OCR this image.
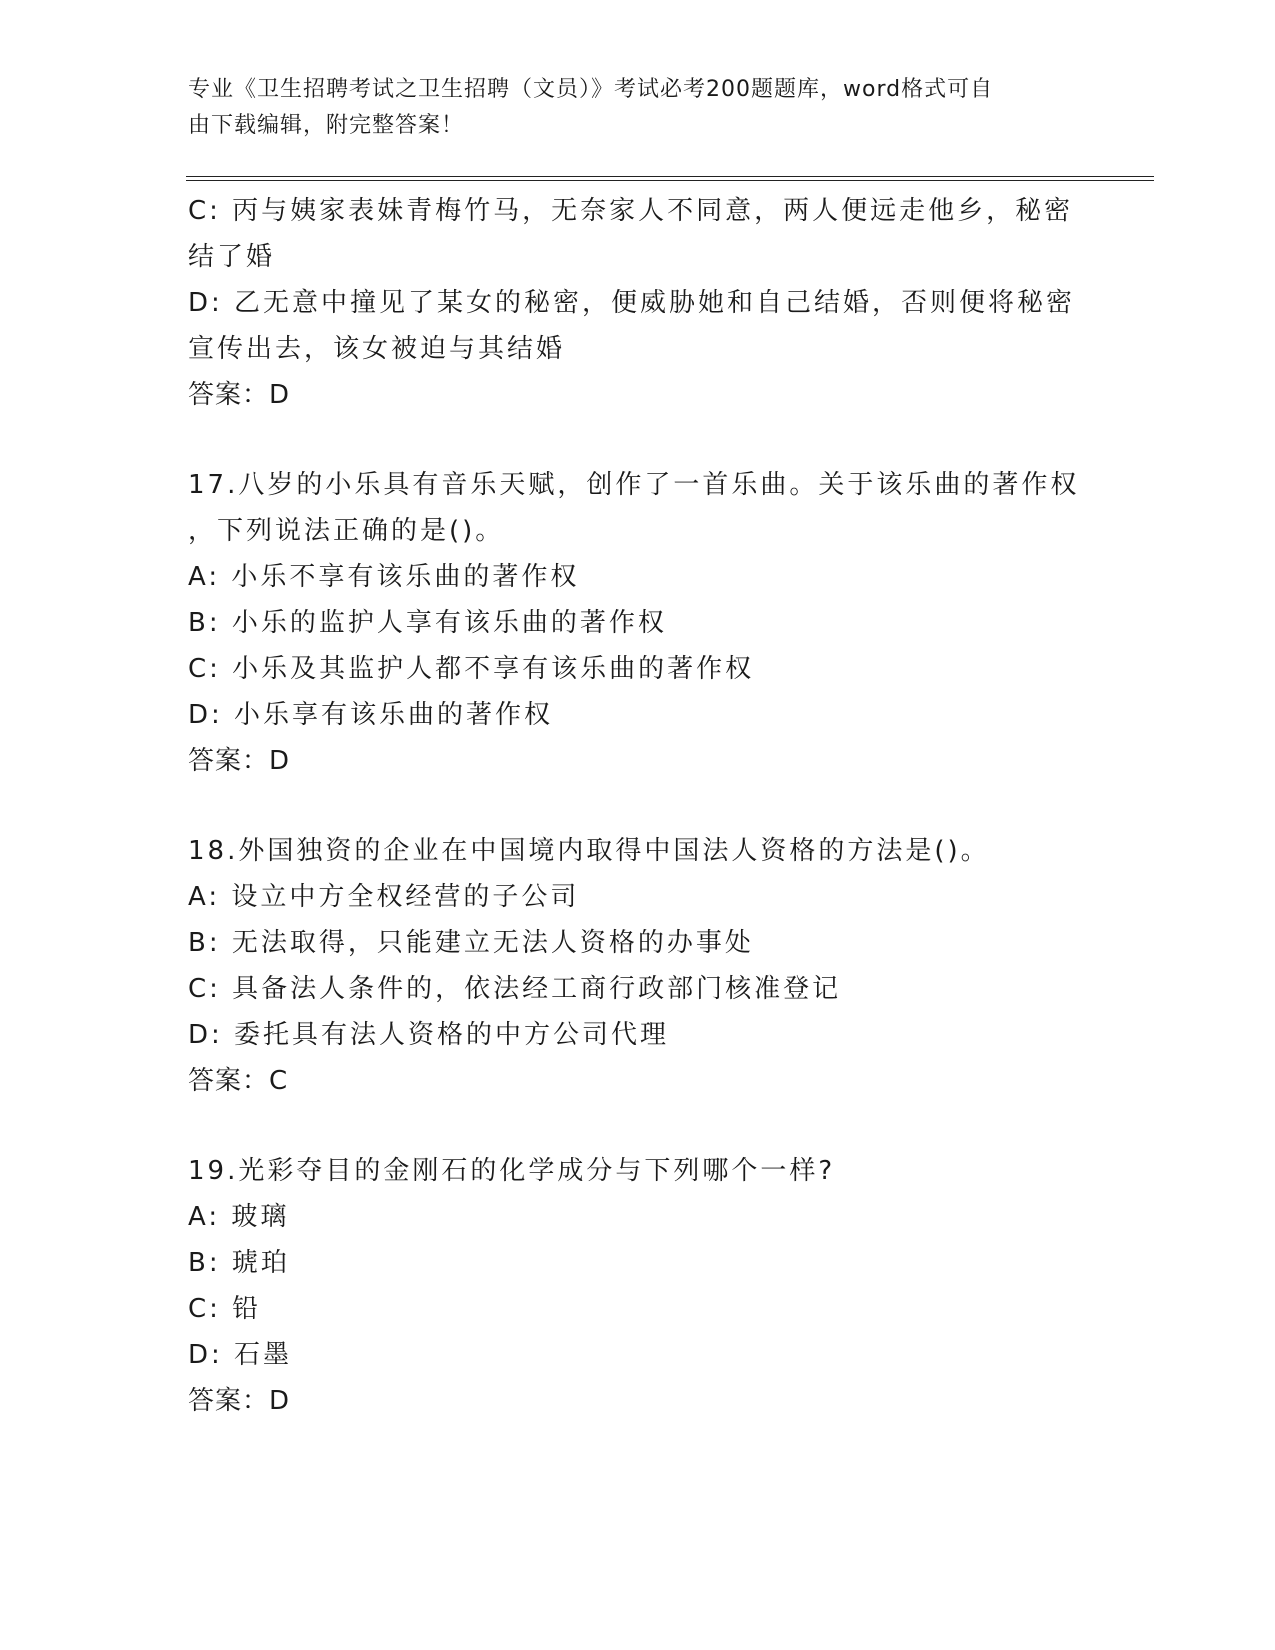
专业《卫生招聘考试之卫生招聘（文员）》考试必考200题题库，word格式可自
由下载编辑，附完整答案！
C: 丙与姨家表妹青梅竹马，无奈家人不同意，两人便远走他乡，秘密
结了婚
D: 乙无意中撞见了某女的秘密，便威胁她和自己结婚，否则便将秘密
宣传出去，该女被迫与其结婚
答案：D
17.八岁的小乐具有音乐天赋，创作了一首乐曲。关于该乐曲的著作权
，下列说法正确的是()。
A: 小乐不享有该乐曲的著作权
B: 小乐的监护人享有该乐曲的著作权
C: 小乐及其监护人都不享有该乐曲的著作权
D: 小乐享有该乐曲的著作权
答案：D
18.外国独资的企业在中国境内取得中国法人资格的方法是()。
A: 设立中方全权经营的子公司
B: 无法取得，只能建立无法人资格的办事处
C: 具备法人条件的，依法经工商行政部门核准登记
D: 委托具有法人资格的中方公司代理
答案：C
19.光彩夺目的金刚石的化学成分与下列哪个一样?
A: 玻璃
B: 琥珀
C: 铅
D: 石墨
答案：D
